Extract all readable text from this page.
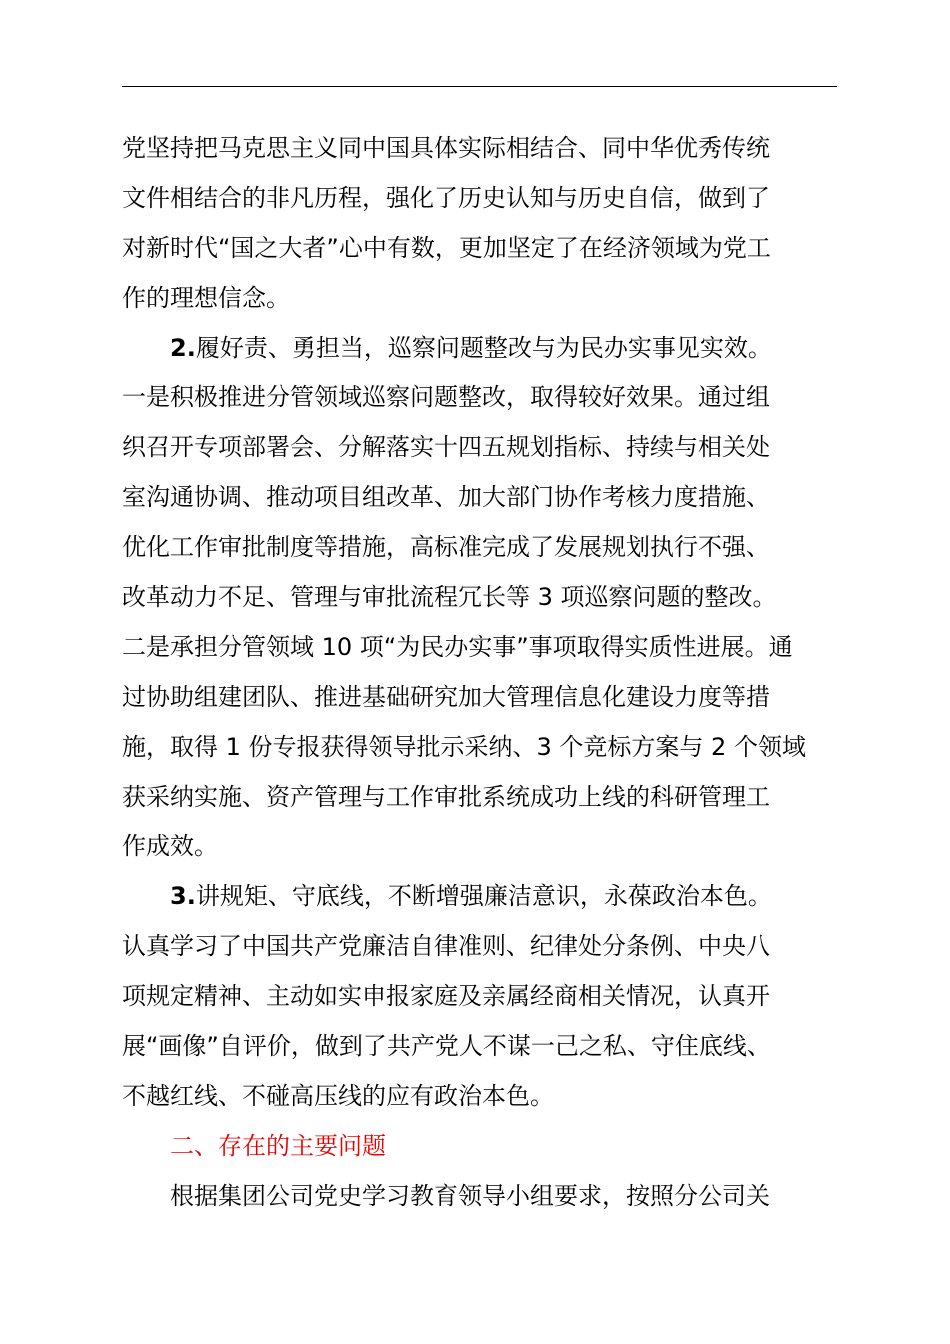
党坚持把马克思主义同中国具体实际相结合、同中华优秀传统
文件相结合的非凡历程，强化了历史认知与历史自信，做到了
对新时代“国之大者”心中有数，更加坚定了在经济领域为党工
作的理想信念。
2.履好责、勇担当，巡察问题整改与为民办实事见实效。
一是积极推进分管领域巡察问题整改，取得较好效果。通过组
织召开专项部署会、分解落实十四五规划指标、持续与相关处
室沟通协调、推动项目组改革、加大部门协作考核力度措施、
优化工作审批制度等措施，高标准完成了发展规划执行不强、
改革动力不足、管理与审批流程冗长等 3 项巡察问题的整改。
二是承担分管领域 10 项“为民办实事”事项取得实质性进展。通
过协助组建团队、推进基础研究加大管理信息化建设力度等措
施，取得 1 份专报获得领导批示采纳、3 个竞标方案与 2 个领域
获采纳实施、资产管理与工作审批系统成功上线的科研管理工
作成效。
3.讲规矩、守底线，不断增强廉洁意识，永葆政治本色。
认真学习了中国共产党廉洁自律准则、纪律处分条例、中央八
项规定精神、主动如实申报家庭及亲属经商相关情况，认真开
展“画像”自评价，做到了共产党人不谋一己之私、守住底线、
不越红线、不碰高压线的应有政治本色。
二、存在的主要问题
根据集团公司党史学习教育领导小组要求，按照分公司关
